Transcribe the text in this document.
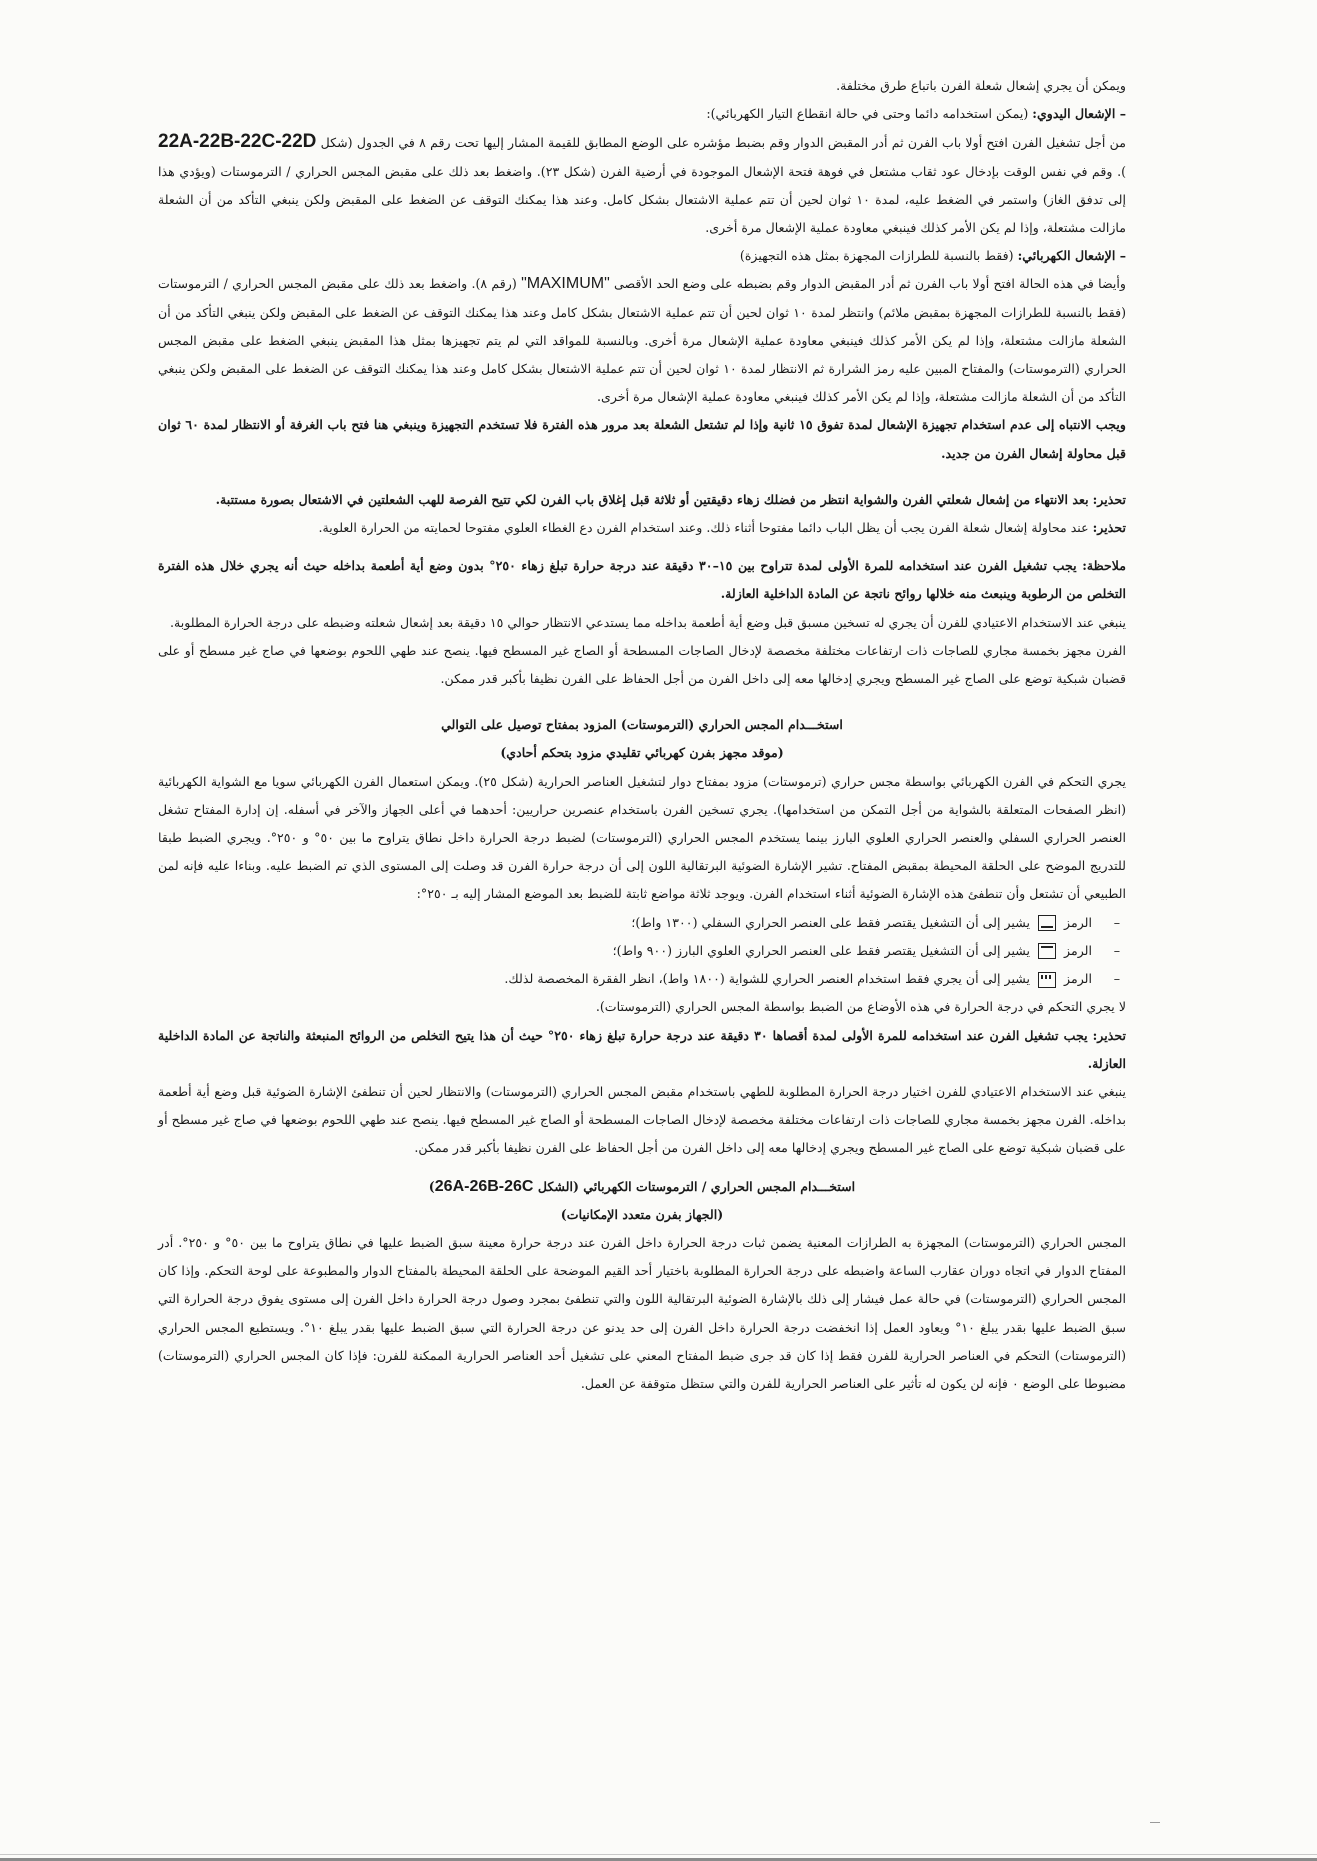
ويمكن أن يجري إشعال شعلة الفرن باتباع طرق مختلفة.

– الإشعال اليدوي: (يمكن استخدامه دائما وحتى في حالة انقطاع التيار الكهربائي):

من أجل تشغيل الفرن افتح أولا باب الفرن ثم أدر المقبض الدوار وقم بضبط مؤشره على الوضع المطابق للقيمة المشار إليها تحت رقم ٨ في الجدول (شكل 22A-22B-22C-22D ). وقم في نفس الوقت بإدخال عود ثقاب مشتعل في فوهة فتحة الإشعال الموجودة في أرضية الفرن (شكل ٢٣). واضغط بعد ذلك على مقبض المجس الحراري / الترموستات (ويؤدي هذا إلى تدفق الغاز) واستمر في الضغط عليه، لمدة ١٠ ثوان لحين أن تتم عملية الاشتعال بشكل كامل. وعند هذا يمكنك التوقف عن الضغط على المقبض ولكن ينبغي التأكد من أن الشعلة مازالت مشتعلة، وإذا لم يكن الأمر كذلك فينبغي معاودة عملية الإشعال مرة أخرى.

– الإشعال الكهربائي: (فقط بالنسبة للطرازات المجهزة بمثل هذه التجهيزة)

وأيضا في هذه الحالة افتح أولا باب الفرن ثم أدر المقبض الدوار وقم بضبطه على وضع الحد الأقصى "MAXIMUM" (رقم ٨). واضغط بعد ذلك على مقبض المجس الحراري / الترموستات (فقط بالنسبة للطرازات المجهزة بمقبض ملائم) وانتظر لمدة ١٠ ثوان لحين أن تتم عملية الاشتعال بشكل كامل وعند هذا يمكنك التوقف عن الضغط على المقبض ولكن ينبغي التأكد من أن الشعلة مازالت مشتعلة، وإذا لم يكن الأمر كذلك فينبغي معاودة عملية الإشعال مرة أخرى. وبالنسبة للمواقد التي لم يتم تجهيزها بمثل هذا المقبض ينبغي الضغط على مقبض المجس الحراري (الترموستات) والمفتاح المبين عليه رمز الشرارة ثم الانتظار لمدة ١٠ ثوان لحين أن تتم عملية الاشتعال بشكل كامل وعند هذا يمكنك التوقف عن الضغط على المقبض ولكن ينبغي التأكد من أن الشعلة مازالت مشتعلة، وإذا لم يكن الأمر كذلك فينبغي معاودة عملية الإشعال مرة أخرى.

ويجب الانتباه إلى عدم استخدام تجهيزة الإشعال لمدة تفوق ١٥ ثانية وإذا لم تشتعل الشعلة بعد مرور هذه الفترة فلا تستخدم التجهيزة وينبغي هنا فتح باب الغرفة أو الانتظار لمدة ٦٠ ثوان قبل محاولة إشعال الفرن من جديد.

تحذير: بعد الانتهاء من إشعال شعلتي الفرن والشواية انتظر من فضلك زهاء دقيقتين أو ثلاثة قبل إغلاق باب الفرن لكي تتيح الفرصة للهب الشعلتين في الاشتعال بصورة مستتبة.

تحذير: عند محاولة إشعال شعلة الفرن يجب أن يظل الباب دائما مفتوحا أثناء ذلك. وعند استخدام الفرن دع الغطاء العلوي مفتوحا لحمايته من الحرارة العلوية.

ملاحظة: يجب تشغيل الفرن عند استخدامه للمرة الأولى لمدة تتراوح بين ١٥–٣٠ دقيقة عند درجة حرارة تبلغ زهاء ٢٥٠° بدون وضع أية أطعمة بداخله حيث أنه يجري خلال هذه الفترة التخلص من الرطوبة وينبعث منه خلالها روائح ناتجة عن المادة الداخلية العازلة.

ينبغي عند الاستخدام الاعتيادي للفرن أن يجري له تسخين مسبق قبل وضع أية أطعمة بداخله مما يستدعي الانتظار حوالي ١٥ دقيقة بعد إشعال شعلته وضبطه على درجة الحرارة المطلوبة.

الفرن مجهز بخمسة مجاري للصاجات ذات ارتفاعات مختلفة مخصصة لإدخال الصاجات المسطحة أو الصاج غير المسطح فيها. ينصح عند طهي اللحوم بوضعها في صاج غير مسطح أو على قضبان شبكية توضع على الصاج غير المسطح ويجري إدخالها معه إلى داخل الفرن من أجل الحفاظ على الفرن نظيفا بأكبر قدر ممكن.

استخـــدام المجس الحراري (الترموستات) المزود بمفتاح توصيل على التوالي

(موقد مجهز بفرن كهربائي تقليدي مزود بتحكم أحادي)

يجري التحكم في الفرن الكهربائي بواسطة مجس حراري (ترموستات) مزود بمفتاح دوار لتشغيل العناصر الحرارية (شكل ٢٥). ويمكن استعمال الفرن الكهربائي سويا مع الشواية الكهربائية (انظر الصفحات المتعلقة بالشواية من أجل التمكن من استخدامها). يجري تسخين الفرن باستخدام عنصرين حراريين: أحدهما في أعلى الجهاز والآخر في أسفله. إن إدارة المفتاح تشغل العنصر الحراري السفلي والعنصر الحراري العلوي البارز بينما يستخدم المجس الحراري (الترموستات) لضبط درجة الحرارة داخل نطاق يتراوح ما بين ٥٠° و ٢٥٠°. ويجري الضبط طبقا للتدريج الموضح على الحلقة المحيطة بمقبض المفتاح. تشير الإشارة الضوئية البرتقالية اللون إلى أن درجة حرارة الفرن قد وصلت إلى المستوى الذي تم الضبط عليه. وبناءا عليه فإنه لمن الطبيعي أن تشتعل وأن تنطفئ هذه الإشارة الضوئية أثناء استخدام الفرن. ويوجد ثلاثة مواضع ثابتة للضبط بعد الموضع المشار إليه بـ ٢٥٠°:

–
الرمز  يشير إلى أن التشغيل يقتصر فقط على العنصر الحراري السفلي (١٣٠٠ واط)؛
–
الرمز  يشير إلى أن التشغيل يقتصر فقط على العنصر الحراري العلوي البارز (٩٠٠ واط)؛
–
الرمز  يشير إلى أن يجري فقط استخدام العنصر الحراري للشواية (١٨٠٠ واط)، انظر الفقرة المخصصة لذلك.

لا يجري التحكم في درجة الحرارة في هذه الأوضاع من الضبط بواسطة المجس الحراري (الترموستات).

تحذير: يجب تشغيل الفرن عند استخدامه للمرة الأولى لمدة أقصاها ٣٠ دقيقة عند درجة حرارة تبلغ زهاء ٢٥٠° حيث أن هذا يتيح التخلص من الروائح المنبعثة والناتجة عن المادة الداخلية العازلة.

ينبغي عند الاستخدام الاعتيادي للفرن اختيار درجة الحرارة المطلوبة للطهي باستخدام مقبض المجس الحراري (الترموستات) والانتظار لحين أن تنطفئ الإشارة الضوئية قبل وضع أية أطعمة بداخله. الفرن مجهز بخمسة مجاري للصاجات ذات ارتفاعات مختلفة مخصصة لإدخال الصاجات المسطحة أو الصاج غير المسطح فيها. ينصح عند طهي اللحوم بوضعها في صاج غير مسطح أو على قضبان شبكية توضع على الصاج غير المسطح ويجري إدخالها معه إلى داخل الفرن من أجل الحفاظ على الفرن نظيفا بأكبر قدر ممكن.

استخـــدام المجس الحراري / الترموستات الكهربائي (الشكل 26A-26B-26C)

(الجهاز بفرن متعدد الإمكانيات)

المجس الحراري (الترموستات) المجهزة به الطرازات المعنية يضمن ثبات درجة الحرارة داخل الفرن عند درجة حرارة معينة سبق الضبط عليها في نطاق يتراوح ما بين ٥٠° و ٢٥٠°. أدر المفتاح الدوار في اتجاه دوران عقارب الساعة واضبطه على درجة الحرارة المطلوبة باختيار أحد القيم الموضحة على الحلقة المحيطة بالمفتاح الدوار والمطبوعة على لوحة التحكم. وإذا كان المجس الحراري (الترموستات) في حالة عمل فيشار إلى ذلك بالإشارة الضوئية البرتقالية اللون والتي تنطفئ بمجرد وصول درجة الحرارة داخل الفرن إلى مستوى يفوق درجة الحرارة التي سبق الضبط عليها بقدر يبلغ ١٠° ويعاود العمل إذا انخفضت درجة الحرارة داخل الفرن إلى حد يدنو عن درجة الحرارة التي سبق الضبط عليها بقدر يبلغ ١٠°. ويستطيع المجس الحراري (الترموستات) التحكم في العناصر الحرارية للفرن فقط إذا كان قد جرى ضبط المفتاح المعني على تشغيل أحد العناصر الحرارية الممكنة للفرن: فإذا كان المجس الحراري (الترموستات) مضبوطا على الوضع ٠ فإنه لن يكون له تأثير على العناصر الحرارية للفرن والتي ستظل متوقفة عن العمل.
